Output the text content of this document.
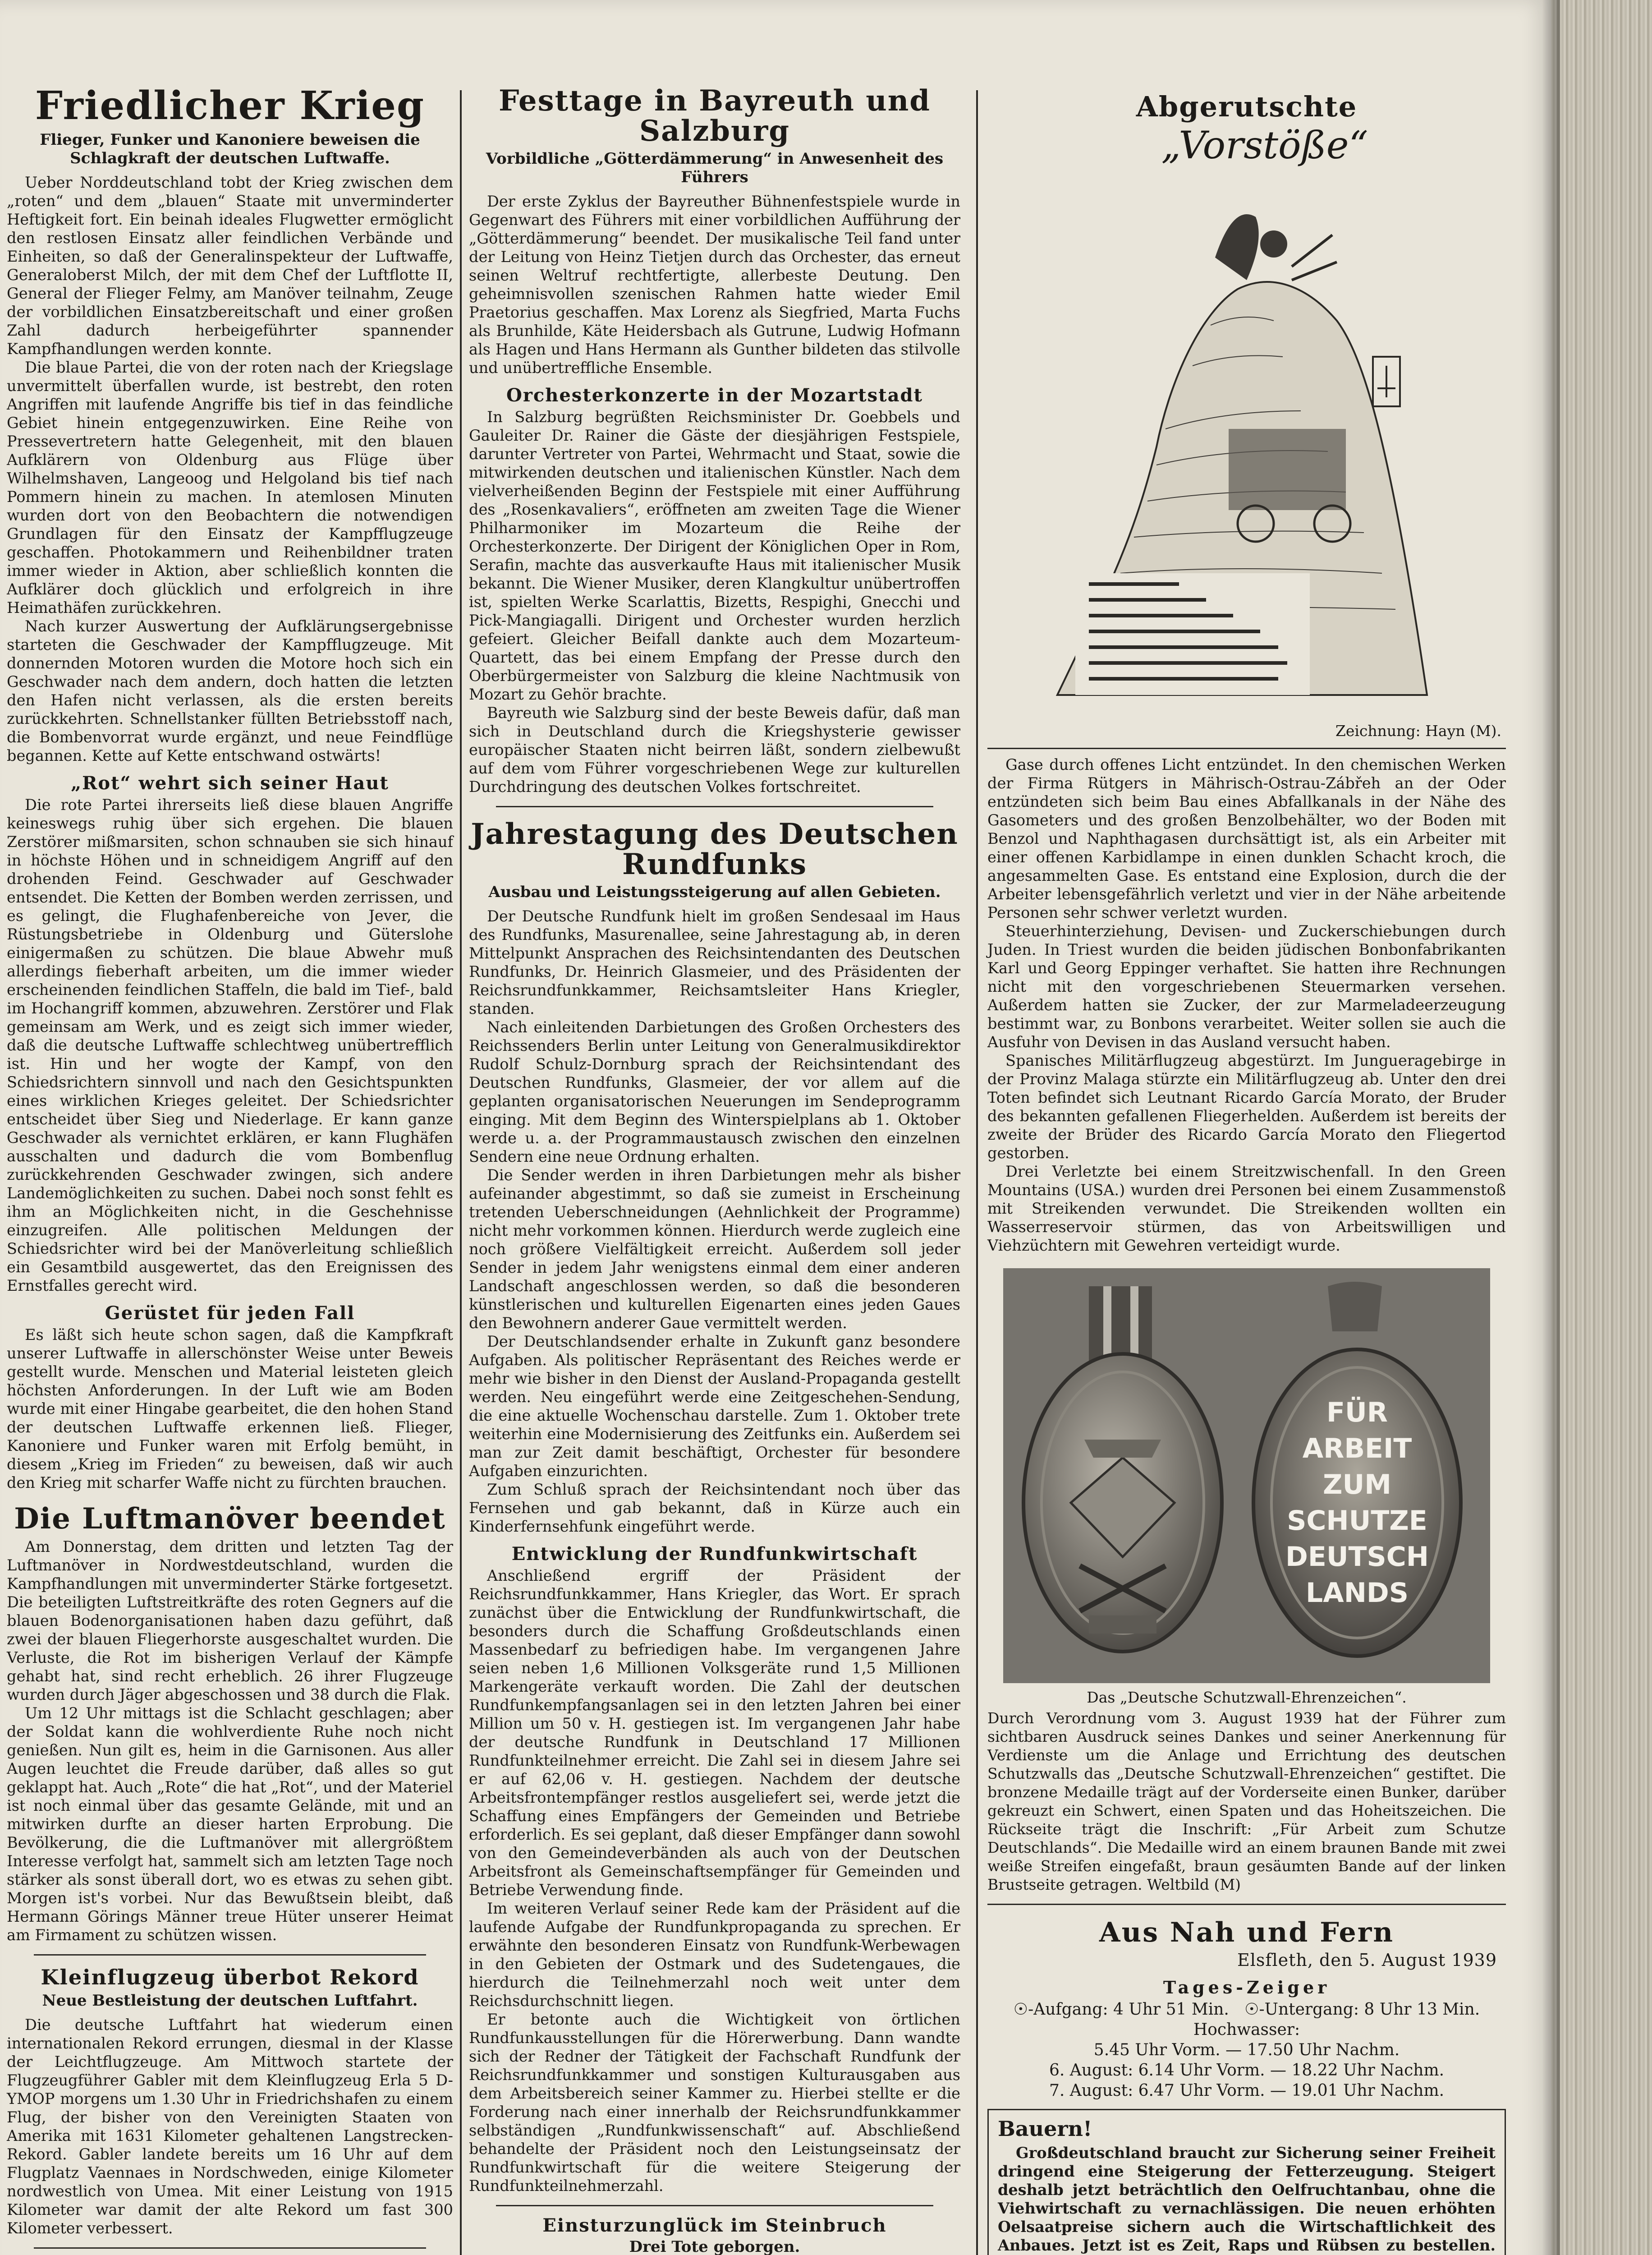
Friedlicher Krieg

Flieger, Funker und Kanoniere beweisen die Schlagkraft der deutschen Luftwaffe.

Ueber Norddeutschland tobt der Krieg zwischen dem „roten“ und dem „blauen“ Staate mit unverminderter Heftigkeit fort. Ein beinah ideales Flugwetter ermöglicht den restlosen Einsatz aller feindlichen Verbände und Einheiten, so daß der Generalinspekteur der Luftwaffe, Generaloberst Milch, der mit dem Chef der Luftflotte II, General der Flieger Felmy, am Manöver teilnahm, Zeuge der vorbildlichen Einsatzbereitschaft und einer großen Zahl dadurch herbeigeführter spannender Kampfhandlungen werden konnte.

Die blaue Partei, die von der roten nach der Kriegslage unvermittelt überfallen wurde, ist bestrebt, den roten Angriffen mit laufende Angriffe bis tief in das feindliche Gebiet hinein entgegenzuwirken. Eine Reihe von Pressevertretern hatte Gelegenheit, mit den blauen Aufklärern von Oldenburg aus Flüge über Wilhelmshaven, Langeoog und Helgoland bis tief nach Pommern hinein zu machen. In atemlosen Minuten wurden dort von den Beobachtern die notwendigen Grundlagen für den Einsatz der Kampfflugzeuge geschaffen. Photokammern und Reihenbildner traten immer wieder in Aktion, aber schließlich konnten die Aufklärer doch glücklich und erfolgreich in ihre Heimathäfen zurückkehren.

Nach kurzer Auswertung der Aufklärungsergebnisse starteten die Geschwader der Kampfflugzeuge. Mit donnernden Motoren wurden die Motore hoch sich ein Geschwader nach dem andern, doch hatten die letzten den Hafen nicht verlassen, als die ersten bereits zurückkehrten. Schnellstanker füllten Betriebsstoff nach, die Bombenvorrat wurde ergänzt, und neue Feindflüge begannen. Kette auf Kette entschwand ostwärts!

„Rot“ wehrt sich seiner Haut

Die rote Partei ihrerseits ließ diese blauen Angriffe keineswegs ruhig über sich ergehen. Die blauen Zerstörer mißmarsiten, schon schnauben sie sich hinauf in höchste Höhen und in schneidigem Angriff auf den drohenden Feind. Geschwader auf Geschwader entsendet. Die Ketten der Bomben werden zerrissen, und es gelingt, die Flughafenbereiche von Jever, die Rüstungsbetriebe in Oldenburg und Güterslohe einigermaßen zu schützen. Die blaue Abwehr muß allerdings fieberhaft arbeiten, um die immer wieder erscheinenden feindlichen Staffeln, die bald im Tief-, bald im Hochangriff kommen, abzuwehren. Zerstörer und Flak gemeinsam am Werk, und es zeigt sich immer wieder, daß die deutsche Luftwaffe schlechtweg unübertrefflich ist. Hin und her wogte der Kampf, von den Schiedsrichtern sinnvoll und nach den Gesichtspunkten eines wirklichen Krieges geleitet. Der Schiedsrichter entscheidet über Sieg und Niederlage. Er kann ganze Geschwader als vernichtet erklären, er kann Flughäfen ausschalten und dadurch die vom Bombenflug zurückkehrenden Geschwader zwingen, sich andere Landemöglichkeiten zu suchen. Dabei noch sonst fehlt es ihm an Möglichkeiten nicht, in die Geschehnisse einzugreifen. Alle politischen Meldungen der Schiedsrichter wird bei der Manöverleitung schließlich ein Gesamtbild ausgewertet, das den Ereignissen des Ernstfalles gerecht wird.

Gerüstet für jeden Fall

Es läßt sich heute schon sagen, daß die Kampfkraft unserer Luftwaffe in allerschönster Weise unter Beweis gestellt wurde. Menschen und Material leisteten gleich höchsten Anforderungen. In der Luft wie am Boden wurde mit einer Hingabe gearbeitet, die den hohen Stand der deutschen Luftwaffe erkennen ließ. Flieger, Kanoniere und Funker waren mit Erfolg bemüht, in diesem „Krieg im Frieden“ zu beweisen, daß wir auch den Krieg mit scharfer Waffe nicht zu fürchten brauchen.

Die Luftmanöver beendet

Am Donnerstag, dem dritten und letzten Tag der Luftmanöver in Nordwestdeutschland, wurden die Kampfhandlungen mit unverminderter Stärke fortgesetzt. Die beteiligten Luftstreitkräfte des roten Gegners auf die blauen Bodenorganisationen haben dazu geführt, daß zwei der blauen Fliegerhorste ausgeschaltet wurden. Die Verluste, die Rot im bisherigen Verlauf der Kämpfe gehabt hat, sind recht erheblich. 26 ihrer Flugzeuge wurden durch Jäger abgeschossen und 38 durch die Flak.

Um 12 Uhr mittags ist die Schlacht geschlagen; aber der Soldat kann die wohlverdiente Ruhe noch nicht genießen. Nun gilt es, heim in die Garnisonen. Aus aller Augen leuchtet die Freude darüber, daß alles so gut geklappt hat. Auch „Rote“ die hat „Rot“, und der Materiel ist noch einmal über das gesamte Gelände, mit und an mitwirken durfte an dieser harten Erprobung. Die Bevölkerung, die die Luftmanöver mit allergrößtem Interesse verfolgt hat, sammelt sich am letzten Tage noch stärker als sonst überall dort, wo es etwas zu sehen gibt. Morgen ist's vorbei. Nur das Bewußtsein bleibt, daß Hermann Görings Männer treue Hüter unserer Heimat am Firmament zu schützen wissen.

Kleinflugzeug überbot Rekord

Neue Bestleistung der deutschen Luftfahrt.

Die deutsche Luftfahrt hat wiederum einen internationalen Rekord errungen, diesmal in der Klasse der Leichtflugzeuge. Am Mittwoch startete der Flugzeugführer Gabler mit dem Kleinflugzeug Erla 5 D-YMOP morgens um 1.30 Uhr in Friedrichshafen zu einem Flug, der bisher von den Vereinigten Staaten von Amerika mit 1631 Kilometer gehaltenen Langstrecken-Rekord. Gabler landete bereits um 16 Uhr auf dem Flugplatz Vaennaes in Nordschweden, einige Kilometer nordwestlich von Umea. Mit einer Leistung von 1915 Kilometer war damit der alte Rekord um fast 300 Kilometer verbessert.

Festtage in Bayreuth und Salzburg

Vorbildliche „Götterdämmerung“ in Anwesenheit des Führers

Der erste Zyklus der Bayreuther Bühnenfestspiele wurde in Gegenwart des Führers mit einer vorbildlichen Aufführung der „Götterdämmerung“ beendet. Der musikalische Teil fand unter der Leitung von Heinz Tietjen durch das Orchester, das erneut seinen Weltruf rechtfertigte, allerbeste Deutung. Den geheimnisvollen szenischen Rahmen hatte wieder Emil Praetorius geschaffen. Max Lorenz als Siegfried, Marta Fuchs als Brunhilde, Käte Heidersbach als Gutrune, Ludwig Hofmann als Hagen und Hans Hermann als Gunther bildeten das stilvolle und unübertreffliche Ensemble.

Orchesterkonzerte in der Mozartstadt

In Salzburg begrüßten Reichsminister Dr. Goebbels und Gauleiter Dr. Rainer die Gäste der diesjährigen Festspiele, darunter Vertreter von Partei, Wehrmacht und Staat, sowie die mitwirkenden deutschen und italienischen Künstler. Nach dem vielverheißenden Beginn der Festspiele mit einer Aufführung des „Rosenkavaliers“, eröffneten am zweiten Tage die Wiener Philharmoniker im Mozarteum die Reihe der Orchesterkonzerte. Der Dirigent der Königlichen Oper in Rom, Serafin, machte das ausverkaufte Haus mit italienischer Musik bekannt. Die Wiener Musiker, deren Klangkultur unübertroffen ist, spielten Werke Scarlattis, Bizetts, Respighi, Gnecchi und Pick-Mangiagalli. Dirigent und Orchester wurden herzlich gefeiert. Gleicher Beifall dankte auch dem Mozarteum-Quartett, das bei einem Empfang der Presse durch den Oberbürgermeister von Salzburg die kleine Nachtmusik von Mozart zu Gehör brachte.

Bayreuth wie Salzburg sind der beste Beweis dafür, daß man sich in Deutschland durch die Kriegshysterie gewisser europäischer Staaten nicht beirren läßt, sondern zielbewußt auf dem vom Führer vorgeschriebenen Wege zur kulturellen Durchdringung des deutschen Volkes fortschreitet.

Jahrestagung des Deutschen Rundfunks

Ausbau und Leistungssteigerung auf allen Gebieten.

Der Deutsche Rundfunk hielt im großen Sendesaal im Haus des Rundfunks, Masurenallee, seine Jahrestagung ab, in deren Mittelpunkt Ansprachen des Reichsintendanten des Deutschen Rundfunks, Dr. Heinrich Glasmeier, und des Präsidenten der Reichsrundfunkkammer, Reichsamtsleiter Hans Kriegler, standen.

Nach einleitenden Darbietungen des Großen Orchesters des Reichssenders Berlin unter Leitung von Generalmusikdirektor Rudolf Schulz-Dornburg sprach der Reichsintendant des Deutschen Rundfunks, Glasmeier, der vor allem auf die geplanten organisatorischen Neuerungen im Sendeprogramm einging. Mit dem Beginn des Winterspielplans ab 1. Oktober werde u. a. der Programmaustausch zwischen den einzelnen Sendern eine neue Ordnung erhalten.

Die Sender werden in ihren Darbietungen mehr als bisher aufeinander abgestimmt, so daß sie zumeist in Erscheinung tretenden Ueberschneidungen (Aehnlichkeit der Programme) nicht mehr vorkommen können. Hierdurch werde zugleich eine noch größere Vielfältigkeit erreicht. Außerdem soll jeder Sender in jedem Jahr wenigstens einmal dem einer anderen Landschaft angeschlossen werden, so daß die besonderen künstlerischen und kulturellen Eigenarten eines jeden Gaues den Bewohnern anderer Gaue vermittelt werden.

Der Deutschlandsender erhalte in Zukunft ganz besondere Aufgaben. Als politischer Repräsentant des Reiches werde er mehr wie bisher in den Dienst der Ausland-Propaganda gestellt werden. Neu eingeführt werde eine Zeitgeschehen-Sendung, die eine aktuelle Wochenschau darstelle. Zum 1. Oktober trete weiterhin eine Modernisierung des Zeitfunks ein. Außerdem sei man zur Zeit damit beschäftigt, Orchester für besondere Aufgaben einzurichten.

Zum Schluß sprach der Reichsintendant noch über das Fernsehen und gab bekannt, daß in Kürze auch ein Kinderfernsehfunk eingeführt werde.

Entwicklung der Rundfunkwirtschaft

Anschließend ergriff der Präsident der Reichsrundfunkkammer, Hans Kriegler, das Wort. Er sprach zunächst über die Entwicklung der Rundfunkwirtschaft, die besonders durch die Schaffung Großdeutschlands einen Massenbedarf zu befriedigen habe. Im vergangenen Jahre seien neben 1,6 Millionen Volksgeräte rund 1,5 Millionen Markengeräte verkauft worden. Die Zahl der deutschen Rundfunkempfangsanlagen sei in den letzten Jahren bei einer Million um 50 v. H. gestiegen ist. Im vergangenen Jahr habe der deutsche Rundfunk in Deutschland 17 Millionen Rundfunkteilnehmer erreicht. Die Zahl sei in diesem Jahre sei er auf 62,06 v. H. gestiegen. Nachdem der deutsche Arbeitsfrontempfänger restlos ausgeliefert sei, werde jetzt die Schaffung eines Empfängers der Gemeinden und Betriebe erforderlich. Es sei geplant, daß dieser Empfänger dann sowohl von den Gemeindeverbänden als auch von der Deutschen Arbeitsfront als Gemeinschaftsempfänger für Gemeinden und Betriebe Verwendung finde.

Im weiteren Verlauf seiner Rede kam der Präsident auf die laufende Aufgabe der Rundfunkpropaganda zu sprechen. Er erwähnte den besonderen Einsatz von Rundfunk-Werbewagen in den Gebieten der Ostmark und des Sudetengaues, die hierdurch die Teilnehmerzahl noch weit unter dem Reichsdurchschnitt liegen.

Er betonte auch die Wichtigkeit von örtlichen Rundfunkausstellungen für die Hörerwerbung. Dann wandte sich der Redner der Tätigkeit der Fachschaft Rundfunk der Reichsrundfunkkammer und sonstigen Kulturausgaben aus dem Arbeitsbereich seiner Kammer zu. Hierbei stellte er die Forderung nach einer innerhalb der Reichsrundfunkkammer selbständigen „Rundfunkwissenschaft“ auf. Abschließend behandelte der Präsident noch den Leistungseinsatz der Rundfunkwirtschaft für die weitere Steigerung der Rundfunkteilnehmerzahl.

Einsturzunglück im Steinbruch

Drei Tote geborgen.

Abgerutschte

„Vorstöße“

Zeichnung: Hayn (M).

Gase durch offenes Licht entzündet. In den chemischen Werken der Firma Rütgers in Mährisch-Ostrau-Zábřeh an der Oder entzündeten sich beim Bau eines Abfallkanals in der Nähe des Gasometers und des großen Benzolbehälter, wo der Boden mit Benzol und Naphthagasen durchsättigt ist, als ein Arbeiter mit einer offenen Karbidlampe in einen dunklen Schacht kroch, die angesammelten Gase. Es entstand eine Explosion, durch die der Arbeiter lebensgefährlich verletzt und vier in der Nähe arbeitende Personen sehr schwer verletzt wurden.

Steuerhinterziehung, Devisen- und Zuckerschiebungen durch Juden. In Triest wurden die beiden jüdischen Bonbonfabrikanten Karl und Georg Eppinger verhaftet. Sie hatten ihre Rechnungen nicht mit den vorgeschriebenen Steuermarken versehen. Außerdem hatten sie Zucker, der zur Marmeladeerzeugung bestimmt war, zu Bonbons verarbeitet. Weiter sollen sie auch die Ausfuhr von Devisen in das Ausland versucht haben.

Spanisches Militärflugzeug abgestürzt. Im Jungueragebirge in der Provinz Malaga stürzte ein Militärflugzeug ab. Unter den drei Toten befindet sich Leutnant Ricardo García Morato, der Bruder des bekannten gefallenen Fliegerhelden. Außerdem ist bereits der zweite der Brüder des Ricardo García Morato den Fliegertod gestorben.

Drei Verletzte bei einem Streitzwischenfall. In den Green Mountains (USA.) wurden drei Personen bei einem Zusammenstoß mit Streikenden verwundet. Die Streikenden wollten ein Wasserreservoir stürmen, das von Arbeitswilligen und Viehzüchtern mit Gewehren verteidigt wurde.

FÜR
ARBEIT
ZUM
SCHUTZE
DEUTSCH
LANDS

Das „Deutsche Schutzwall-Ehrenzeichen“.

Durch Verordnung vom 3. August 1939 hat der Führer zum sichtbaren Ausdruck seines Dankes und seiner Anerkennung für Verdienste um die Anlage und Errichtung des deutschen Schutzwalls das „Deutsche Schutzwall-Ehrenzeichen“ gestiftet. Die bronzene Medaille trägt auf der Vorderseite einen Bunker, darüber gekreuzt ein Schwert, einen Spaten und das Hoheitszeichen. Die Rückseite trägt die Inschrift: „Für Arbeit zum Schutze Deutschlands“. Die Medaille wird an einem braunen Bande mit zwei weiße Streifen eingefaßt, braun gesäumten Bande auf der linken Brustseite getragen. Weltbild (M)

Aus Nah und Fern

Elsfleth, den 5. August 1939

Tages-Zeiger

☉-Aufgang: 4 Uhr 51 Min.   ☉-Untergang: 8 Uhr 13 Min.

Hochwasser:

5.45 Uhr Vorm. — 17.50 Uhr Nachm.

6. August: 6.14 Uhr Vorm. — 18.22 Uhr Nachm.

7. August: 6.47 Uhr Vorm. — 19.01 Uhr Nachm.

Bauern!

Großdeutschland braucht zur Sicherung seiner Freiheit dringend eine Steigerung der Fetterzeugung. Steigert deshalb jetzt beträchtlich den Oelfruchtanbau, ohne die Viehwirtschaft zu vernachlässigen. Die neuen erhöhten Oelsaatpreise sichern auch die Wirtschaftlichkeit des Anbaues. Jetzt ist es Zeit, Raps und Rübsen zu bestellen.
